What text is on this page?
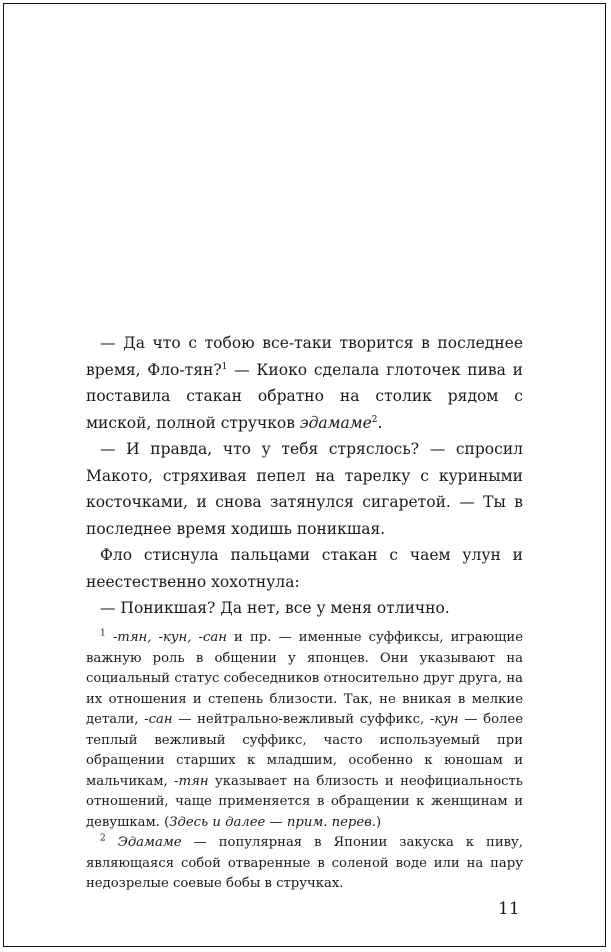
— Да что с тобою все-таки творится в последнее время, Фло-тян?$^1$ — Киоко сделала глоточек пива и поставила стакан обратно на столик рядом с миской, полной стручков эдамаме$^2$.

— И правда, что у тебя стряслось? — спросил Макото, стряхивая пепел на тарелку с куриными косточками, и снова затянулся сигаретой. — Ты в последнее время ходишь поникшая.

Фло стиснула пальцами стакан с чаем улун и неестественно хохотнула:

— Поникшая? Да нет, все у меня отлично.

$^1$ -тян, -кун, -сан и пр. — именные суффиксы, играющие важную роль в общении у японцев. Они указывают на социальный статус собеседников относительно друг друга, на их отношения и степень близости. Так, не вникая в мелкие детали, -сан — нейтрально-вежливый суффикс, -кун — более теплый вежливый суффикс, часто используемый при обращении старших к младшим, особенно к юношам и мальчикам, -тян указывает на близость и неофициальность отношений, чаще применяется в обращении к женщинам и девушкам. (Здесь и далее — прим. перев.)

$^2$ Эдамаме — популярная в Японии закуска к пиву, являющаяся собой отваренные в соленой воде или на пару недозрелые соевые бобы в стручках.

11
